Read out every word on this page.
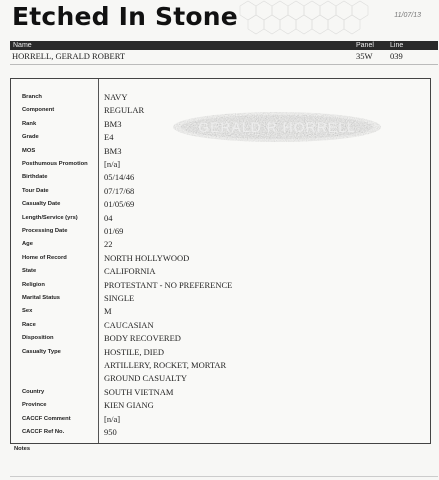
Etched In Stone	11/07/13
Name	Panel Line
HORRELL, GERALD ROBERT	35W 039
Branch	NAVY
Component	REGULAR
Rank	BM3
Grade	E4
MOS	BM3
Posthumous Promotion [n/a]
Birthdate	05/14/46
Tour Date	07/17/68
Casualty Date	01/05/69
Length/Service (yrs)	04
Processing Date	01/69
Age	22
Home of Record	NORTH HOLLYWOOD
State	CALIFORNIA
Religion	PROTESTANT - NO PREFERENCE
Marital Status	SINGLE
Sex	M
Race	CAUCASIAN
Disposition	BODY RECOVERED
Casualty Type	HOSTILE, DIED
ARTILLERY, ROCKET, MORTAR
GROUND CASUALTY
Country	SOUTH VIETNAM
Province	KIEN GIANG
CACCF Comment	[n/a]
CACCF Ref No.	950
GERALD R HORRELL
Notes
